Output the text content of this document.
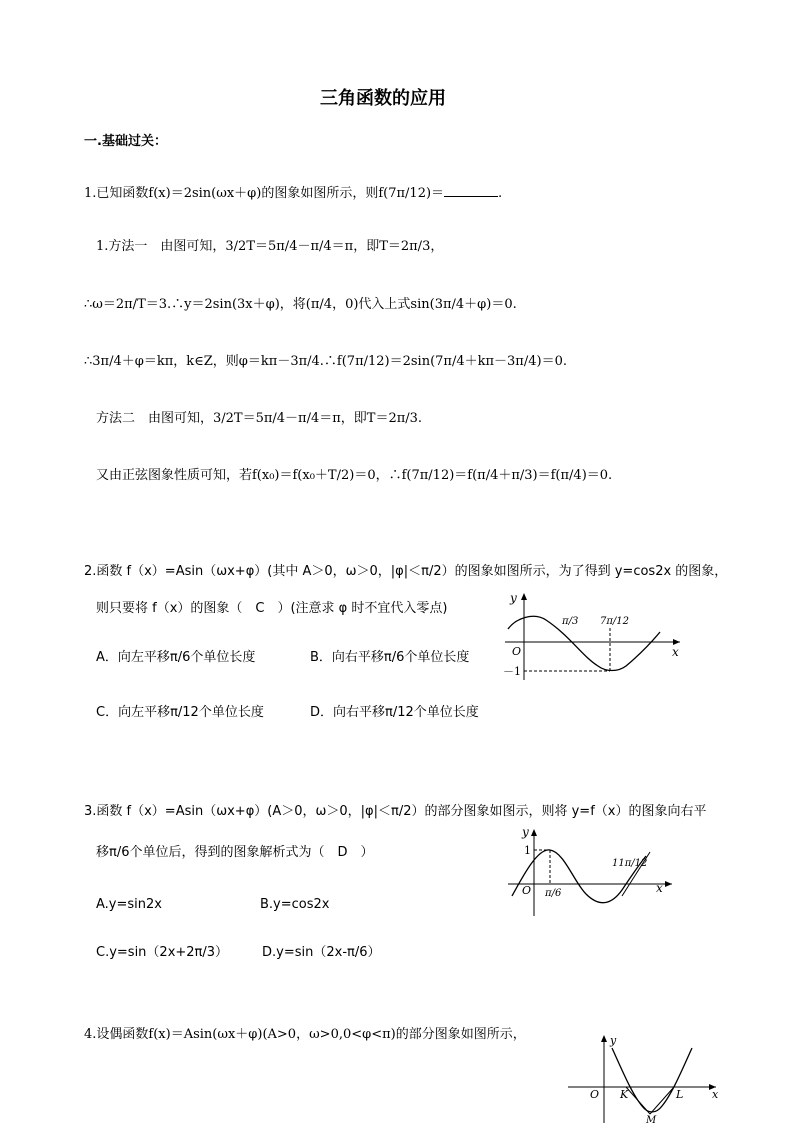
三角函数的应用
一.基础过关：
1.已知函数f(x)＝2sin(ωx＋φ)的图象如图所示，则f(7π/12)＝	.
1.方法一　由图可知，3/2T＝5π/4－π/4＝π，即T＝2π/3，
∴ω＝2π/T＝3.∴y＝2sin(3x＋φ)，将(π/4，0)代入上式sin(3π/4＋φ)＝0.
∴3π/4＋φ＝kπ，k∈Z，则φ＝kπ－3π/4.∴f(7π/12)＝2sin(7π/4＋kπ－3π/4)＝0.
方法二　由图可知，3/2T＝5π/4－π/4＝π，即T＝2π/3.
又由正弦图象性质可知，若f(x₀)＝f(x₀＋T/2)＝0，∴f(7π/12)＝f(π/4＋π/3)＝f(π/4)＝0.
2.函数 f（x）=Asin（ωx+φ）(其中 A＞0，ω＞0，|φ|＜π/2）的图象如图所示，为了得到 y=cos2x 的图象，
则只要将 f（x）的图象（　C　）(注意求 φ 时不宜代入零点)
A．向左平移π/6个单位长度	B．向右平移π/6个单位长度
C．向左平移π/12个单位长度	D．向右平移π/12个单位长度
y
x
O
－1
π/3 7π/12
3.函数 f（x）=Asin（ωx+φ）(A＞0，ω＞0，|φ|＜π/2）的部分图象如图示，则将 y=f（x）的图象向右平
移π/6个单位后，得到的图象解析式为（　D　）
A.y=sin2x	B.y=cos2x
C.y=sin（2x+2π/3）	D.y=sin（2x-π/6）
y
x
O
1
π/6
11π/12
4.设偶函数f(x)＝Asin(ωx＋φ)(A>0，ω>0,0<φ<π)的部分图象如图所示，	y
x
O K	L
M
